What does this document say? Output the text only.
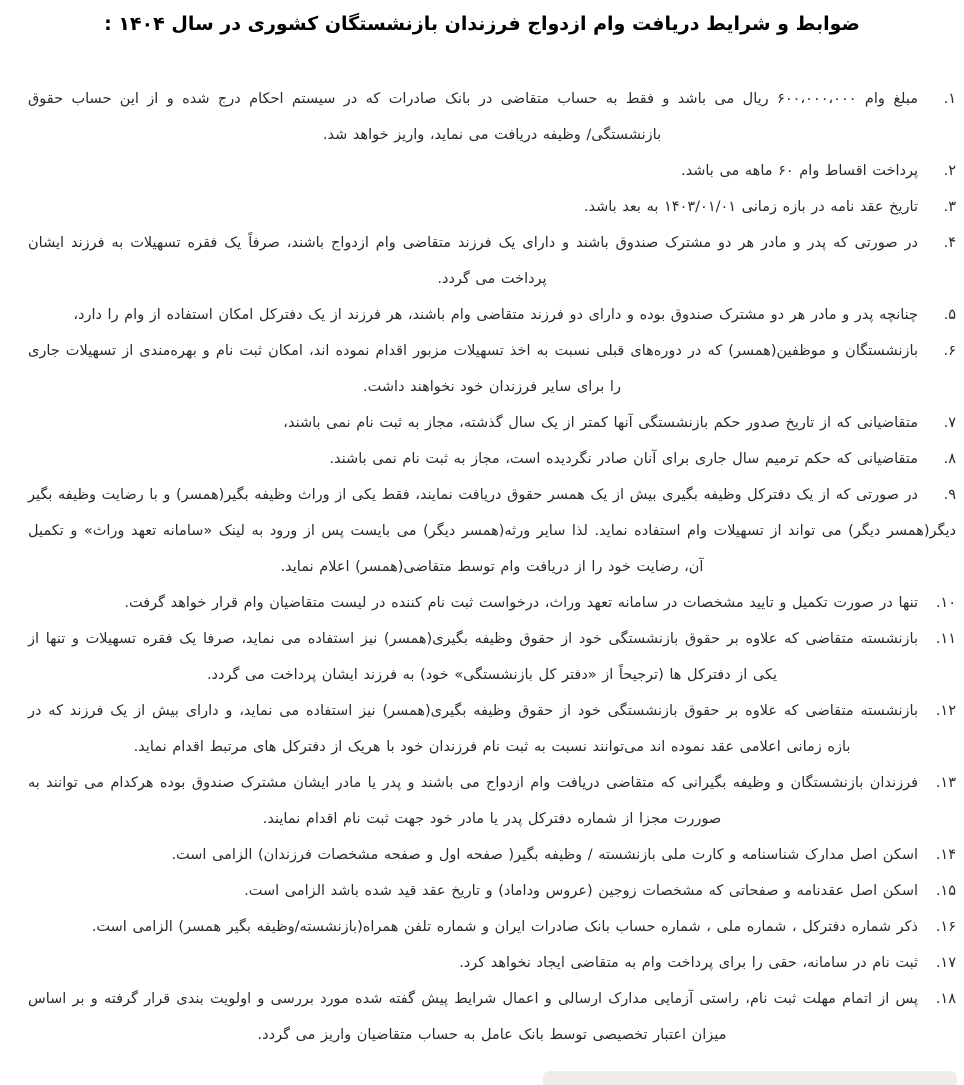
ضوابط و شرایط دریافت وام ازدواج فرزندان بازنشستگان کشوری در سال ۱۴۰۴ :
۱.

مبلغ وام ۶۰۰،۰۰۰،۰۰۰ ریال می باشد و فقط به حساب متقاضی در بانک صادرات که در سیستم احکام درج شده و از این حساب حقوق بازنشستگی/ وظیفه دریافت می نماید، واریز خواهد شد.

۲.

پرداخت اقساط وام ۶۰ ماهه می باشد.

۳.

تاریخ عقد نامه در بازه زمانی ۱۴۰۳/۰۱/۰۱ به بعد باشد.

۴.

در صورتی که پدر و مادر هر دو مشترک صندوق باشند و دارای یک فرزند متقاضی وام ازدواج باشند، صرفاً یک فقره تسهیلات به فرزند ایشان پرداخت می گردد.

۵.

چنانچه پدر و مادر هر دو مشترک صندوق بوده و دارای دو فرزند متقاضی وام باشند، هر فرزند از یک دفترکل امکان استفاده از وام را دارد،

۶.

بازنشستگان و موظفین(همسر) که در دوره‌های قبلی نسبت به اخذ تسهیلات مزبور اقدام نموده اند، امکان ثبت نام و بهره‌مندی از تسهیلات جاری را برای سایر فرزندان خود نخواهند داشت.

۷.

متقاضیانی که از تاریخ صدور حکم بازنشستگی آنها کمتر از یک سال گذشته، مجاز به ثبت نام نمی باشند،

۸.

متقاضیانی که حکم ترمیم سال جاری برای آنان صادر نگردیده است، مجاز به ثبت نام نمی باشند.

۹.

در صورتی که از یک دفترکل وظیفه بگیری بیش از یک همسر حقوق دریافت نمایند، فقط یکی از وراث وظیفه بگیر(همسر) و با رضایت وظیفه بگیر دیگر(همسر دیگر) می تواند از تسهیلات وام استفاده نماید. لذا سایر ورثه(همسر دیگر) می بایست پس از ورود به لینک «سامانه تعهد وراث» و تکمیل آن، رضایت خود را از دریافت وام توسط متقاضی(همسر) اعلام نماید.

۱۰.

تنها در صورت تکمیل و تایید مشخصات در سامانه تعهد وراث، درخواست ثبت نام کننده در لیست متقاضیان وام قرار خواهد گرفت.

۱۱.

بازنشسته متقاضی که علاوه بر حقوق بازنشستگی خود از حقوق وظیفه بگیری(همسر) نیز استفاده می نماید، صرفا یک فقره تسهیلات و تنها از یکی از دفترکل ها (ترجیحاً از «دفتر کل بازنشستگی» خود) به فرزند ایشان پرداخت می گردد.

۱۲.

بازنشسته متقاضی که علاوه بر حقوق بازنشستگی خود از حقوق وظیفه بگیری(همسر) نیز استفاده می نماید، و دارای بیش از یک فرزند که در بازه زمانی اعلامی عقد نموده اند می‌توانند نسبت به ثبت نام فرزندان خود با هریک از دفترکل های مرتبط اقدام نماید.

۱۳.

فرزندان بازنشستگان و وظیفه بگیرانی که متقاضی دریافت وام ازدواج می باشند و پدر یا مادر ایشان مشترک صندوق بوده هرکدام می توانند به صوررت مجزا از شماره دفترکل پدر یا مادر خود جهت ثبت نام اقدام نمایند.

۱۴.

اسکن اصل مدارک شناسنامه و کارت ملی بازنشسته / وظیفه بگیر( صفحه اول و صفحه مشخصات فرزندان) الزامی است.

۱۵.

اسکن اصل عقدنامه و صفحاتی که مشخصات زوجین (عروس وداماد) و تاریخ عقد قید شده باشد الزامی است.

۱۶.

ذکر شماره دفترکل ، شماره ملی ، شماره حساب بانک صادرات ایران و شماره تلفن همراه(بازنشسته/وظیفه بگیر همسر) الزامی است.

۱۷.

ثبت نام در سامانه، حقی را برای پرداخت وام به متقاضی ایجاد نخواهد کرد.

۱۸.

پس از اتمام مهلت ثبت نام، راستی آزمایی مدارک ارسالی و اعمال شرایط پیش گفته شده مورد بررسی و اولویت بندی قرار گرفته و بر اساس میزان اعتبار تخصیصی توسط بانک عامل به حساب متقاضیان واریز می گردد.
